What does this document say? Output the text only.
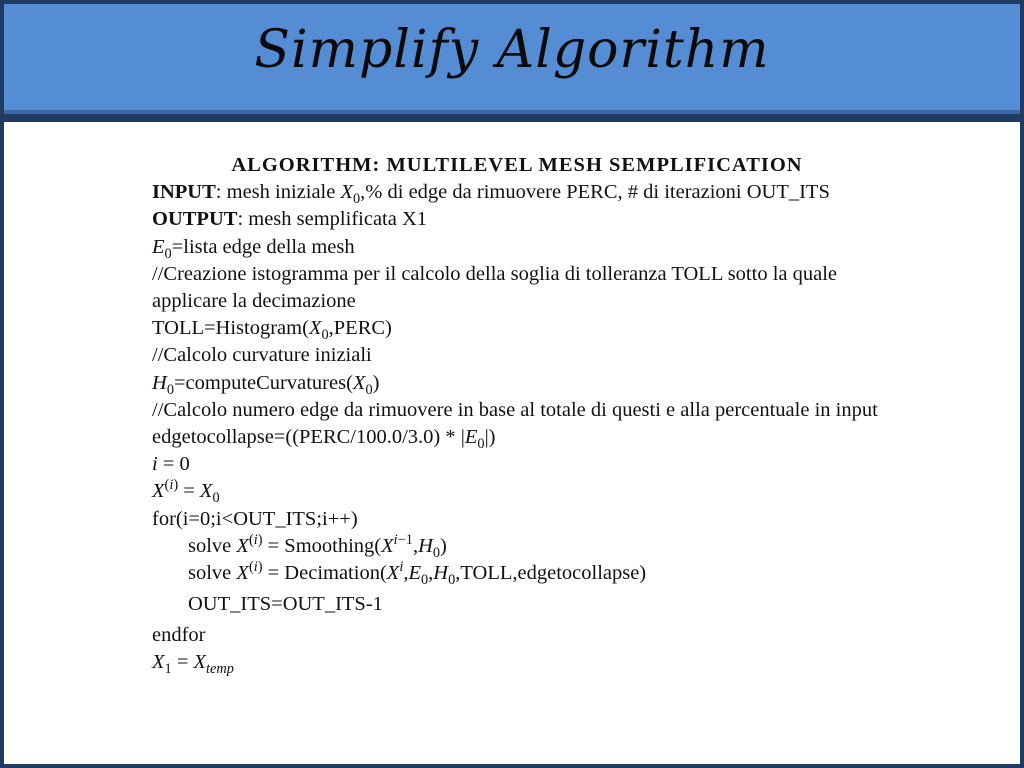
Simplify Algorithm
ALGORITHM: MULTILEVEL MESH SEMPLIFICATION
INPUT: mesh iniziale $X_0,\%$ di edge da rimuovere PERC, # di iterazioni OUT_ITS
OUTPUT: mesh semplificata X1
$E_0=lista$ edge della mesh
//Creazione istogramma per il calcolo della soglia di tolleranza TOLL sotto la quale applicare la decimazione
$TOLL=Histogram(X_0,PERC)$
//Calcolo curvature iniziali
$H_0=computeCurvatures(X_0)$
//Calcolo numero edge da rimuovere in base al totale di questi e alla percentuale in input
edgetocollapse=((PERC/100.0/3.0) * $|E_0|$)
i = 0
$X^{(i)} = X_0$
for(i=0;i<OUT_ITS;i++)
solve $X^{(i)}$ = $Smoothing(X^{i-1},H_0)$
solve $X^{(i)}$ = $Decimation(X^i,E_0,H_0,TOLL,edgetocollapse)$
OUT_ITS=OUT_ITS-1
endfor
$X_1 = X_{temp}$
